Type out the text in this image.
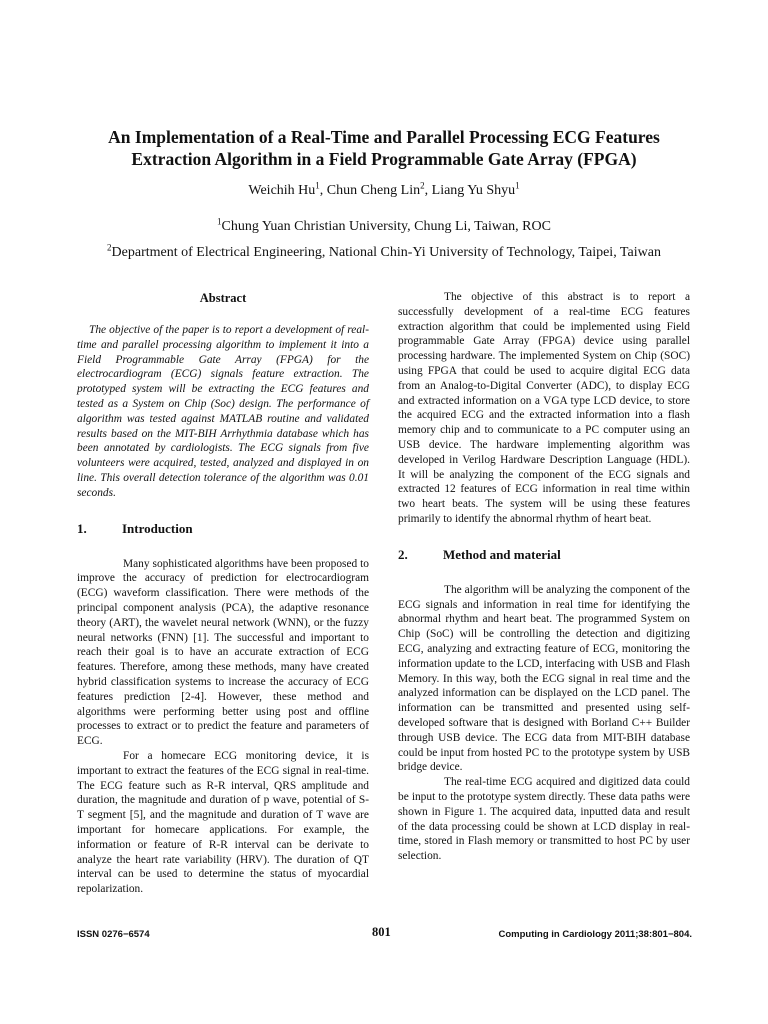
An Implementation of a Real-Time and Parallel Processing ECG Features
Extraction Algorithm in a Field Programmable Gate Array (FPGA)
Weichih Hu$^1$, Chun Cheng Lin$^2$, Liang Yu Shyu$^1$
$^1$Chung Yuan Christian University, Chung Li, Taiwan, ROC
$^2$Department of Electrical Engineering, National Chin-Yi University of Technology, Taipei, Taiwan
Abstract

The objective of the paper is to report a development of real-time and parallel processing algorithm to implement it into a Field Programmable Gate Array (FPGA) for the electrocardiogram (ECG) signals feature extraction. The prototyped system will be extracting the ECG features and tested as a System on Chip (Soc) design. The performance of algorithm was tested against MATLAB routine and validated results based on the MIT-BIH Arrhythmia database which has been annotated by cardiologists. The ECG signals from five volunteers were acquired, tested, analyzed and displayed in on line. This overall detection tolerance of the algorithm was 0.01 seconds.

1.	Introduction

Many sophisticated algorithms have been proposed to improve the accuracy of prediction for electrocardiogram (ECG) waveform classification. There were methods of the principal component analysis (PCA), the adaptive resonance theory (ART), the wavelet neural network (WNN), or the fuzzy neural networks (FNN) [1]. The successful and important to reach their goal is to have an accurate extraction of ECG features. Therefore, among these methods, many have created hybrid classification systems to increase the accuracy of ECG features prediction [2-4]. However, these method and algorithms were performing better using post and offline processes to extract or to predict the feature and parameters of ECG.

For a homecare ECG monitoring device, it is important to extract the features of the ECG signal in real-time. The ECG feature such as R-R interval, QRS amplitude and duration, the magnitude and duration of p wave, potential of S-T segment [5], and the magnitude and duration of T wave are important for homecare applications. For example, the information or feature of R-R interval can be derivate to analyze the heart rate variability (HRV). The duration of QT interval can be used to determine the status of myocardial repolarization.

The objective of this abstract is to report a successfully development of a real-time ECG features extraction algorithm that could be implemented using Field programmable Gate Array (FPGA) device using parallel processing hardware. The implemented System on Chip (SOC) using FPGA that could be used to acquire digital ECG data from an Analog-to-Digital Converter (ADC), to display ECG and extracted information on a VGA type LCD device, to store the acquired ECG and the extracted information into a flash memory chip and to communicate to a PC computer using an USB device. The hardware implementing algorithm was developed in Verilog Hardware Description Language (HDL). It will be analyzing the component of the ECG signals and extracted 12 features of ECG information in real time within two heart beats. The system will be using these features primarily to identify the abnormal rhythm of heart beat.

2.	Method and material

The algorithm will be analyzing the component of the ECG signals and information in real time for identifying the abnormal rhythm and heart beat. The programmed System on Chip (SoC) will be controlling the detection and digitizing ECG, analyzing and extracting feature of ECG, monitoring the information update to the LCD, interfacing with USB and Flash Memory. In this way, both the ECG signal in real time and the analyzed information can be displayed on the LCD panel. The information can be transmitted and presented using self-developed software that is designed with Borland C++ Builder through USB device. The ECG data from MIT-BIH database could be input from hosted PC to the prototype system by USB bridge device.

The real-time ECG acquired and digitized data could be input to the prototype system directly. These data paths were shown in Figure 1. The acquired data, inputted data and result of the data processing could be shown at LCD display in real-time, stored in Flash memory or transmitted to host PC by user selection.

ISSN 0276−6574	801	Computing in Cardiology 2011;38:801−804.
